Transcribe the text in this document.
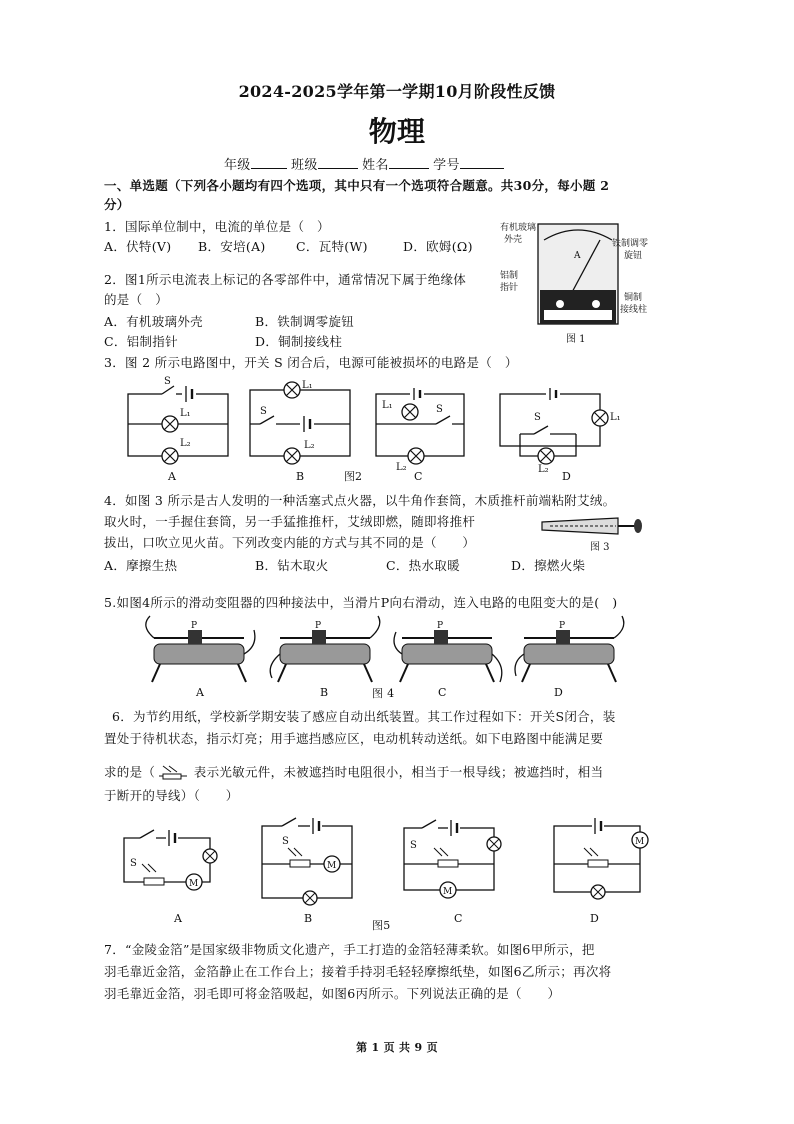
2024-2025学年第一学期10月阶段性反馈
物理
年级	班级	姓名	学号
一、单选题（下列各小题均有四个选项，其中只有一个选项符合题意。共30分，每小题 2
分）
1．国际单位制中，电流的单位是（　）
A．伏特(V) B．安培(A) C．瓦特(W)	D．欧姆(Ω)
2．图1所示电流表上标记的各零部件中，通常情况下属于绝缘体
的是（　）
A．有机玻璃外壳	B．铁制调零旋钮
C．铝制指针	D．铜制接线柱
A
有机玻璃
外壳	铁制调零
旋钮
铝制
指针
铜制
接线柱
图 1
3．图 2 所示电路图中，开关 S 闭合后，电源可能被损坏的电路是（　）
S
L₁
L₂
A
L₁
S
L₂
B	图2
L₁	S
L₂
C
S	L₁
L₂
D
4．如图 3 所示是古人发明的一种活塞式点火器，以牛角作套筒，木质推杆前端粘附艾绒。
取火时，一手握住套筒，另一手猛推推杆，艾绒即燃，随即将推杆
拔出，口吹立见火苗。下列改变内能的方式与其不同的是（　　）	图 3
A．摩擦生热	B．钻木取火	C．热水取暖	D．擦燃火柴
5.如图4所示的滑动变阻器的四种接法中，当滑片P向右滑动，连入电路的电阻变大的是(　)
P
A
P
B
P
C
P
D
图 4
6．为节约用纸，学校新学期安装了感应自动出纸装置。其工作过程如下：开关S闭合，装
置处于待机状态，指示灯亮；用手遮挡感应区，电动机转动送纸。如下电路图中能满足要
求的是（	表示光敏元件，未被遮挡时电阻很小，相当于一根导线；被遮挡时，相当
于断开的导线）（　　）
M
S
A
M
S
B
M
S
C
M
D
图5
7．“金陵金箔”是国家级非物质文化遗产，手工打造的金箔轻薄柔软。如图6甲所示，把
羽毛靠近金箔，金箔静止在工作台上；接着手持羽毛轻轻摩擦纸垫，如图6乙所示；再次将
羽毛靠近金箔，羽毛即可将金箔吸起，如图6丙所示。下列说法正确的是（　　）
第 1 页 共 9 页
